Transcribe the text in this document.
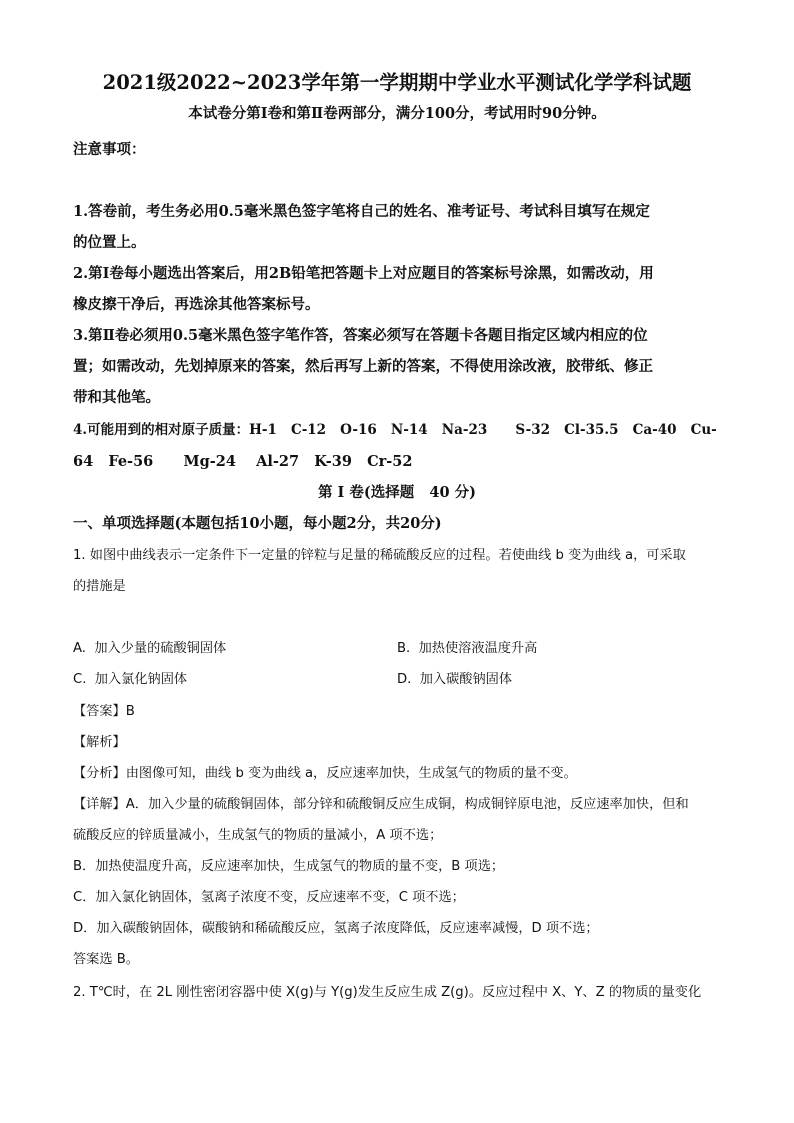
2021级2022~2023学年第一学期期中学业水平测试化学学科试题
本试卷分第Ⅰ卷和第Ⅱ卷两部分，满分100分，考试用时90分钟。
注意事项：
1.答卷前，考生务必用0.5毫米黑色签字笔将自己的姓名、准考证号、考试科目填写在规定
的位置上。
2.第Ⅰ卷每小题选出答案后，用2B铅笔把答题卡上对应题目的答案标号涂黑，如需改动，用
橡皮擦干净后，再选涂其他答案标号。
3.第Ⅱ卷必须用0.5毫米黑色签字笔作答，答案必须写在答题卡各题目指定区域内相应的位
置；如需改动，先划掉原来的答案，然后再写上新的答案，不得使用涂改液，胶带纸、修正
带和其他笔。
4.可能用到的相对原子质量：H-1   C-12   O-16   N-14   Na-23      S-32   Cl-35.5   Ca-40   Cu-
64   Fe-56      Mg-24    Al-27   K-39   Cr-52
第 Ⅰ 卷(选择题   40 分)
一、单项选择题(本题包括10小题，每小题2分，共20分)
1. 如图中曲线表示一定条件下一定量的锌粒与足量的稀硫酸反应的过程。若使曲线 b 变为曲线 a，可采取
的措施是
A.  加入少量的硫酸铜固体	B.  加热使溶液温度升高
C.  加入氯化钠固体	D.  加入碳酸钠固体
【答案】B
【解析】
【分析】由图像可知，曲线 b 变为曲线 a，反应速率加快，生成氢气的物质的量不变。
【详解】A．加入少量的硫酸铜固体，部分锌和硫酸铜反应生成铜，构成铜锌原电池，反应速率加快，但和
硫酸反应的锌质量减小，生成氢气的物质的量减小，A 项不选；
B．加热使温度升高，反应速率加快，生成氢气的物质的量不变，B 项选；
C．加入氯化钠固体，氢离子浓度不变，反应速率不变，C 项不选；
D．加入碳酸钠固体，碳酸钠和稀硫酸反应，氢离子浓度降低，反应速率减慢，D 项不选；
答案选 B。
2. T℃时，在 2L 刚性密闭容器中使 X(g)与 Y(g)发生反应生成 Z(g)。反应过程中 X、Y、Z 的物质的量变化
